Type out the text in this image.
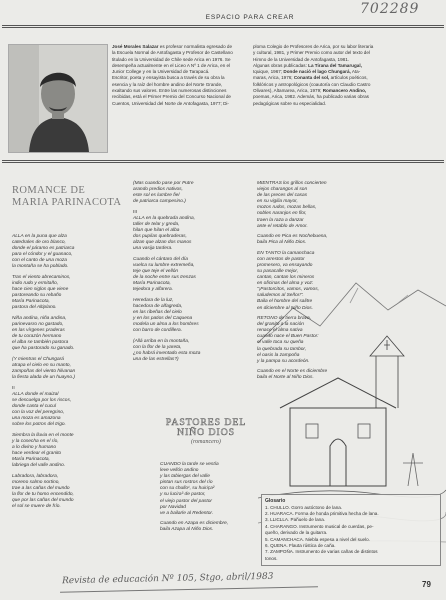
702289
ESPACIO PARA CREAR
José Morales Salazar es profesor normalista egresado de
la Escuela Normal de Antofagasta y Profesor de Castellano
titulado en la Universidad de Chile sede Arica en 1976. Se
desempeña actualmente en el Liceo A Nº 1 de Arica, en el
Junior College y en la Universidad de Tarapacá.
Escritor, poeta y ensayista busca a través de su obra la
esencia y la raíz del hombre andino del Norte Grande,
exaltando sus valores. Entre las numerosas distinciones
recibidas, está el Primer Premio del Concurso Nacional de
Cuentos, Universidad del Norte de Antofagasta, 1977; Di-
ploma Colegio de Profesores de Arica, por su labor literaria
y cultural, 1981, y Primer Premio como autor del texto del
Himno de la Universidad de Antofagasta, 1981.
Algunas obras publicadas: La Tirana del Tamarugal,
Iquique, 1967; Donde nació el lago Chungará, Ata-
maras, Arica, 1976; Conanta del sol, artículos poéticos,
folklóricos y antropológicos (coautoría con Claudio Castro
Olivares), Altamarea, Arica, 1979; Romancero Andino,
poemas, Arica, 1982. Además, ha publicado varias obras
pedagógicas sobre su especialidad.
ROMANCE DE
MARIA PARINACOTA
ALLA en la puna que alza
catedrales de oro blanco,
donde el páramo es patriarca
para el cóndor y el guanaco,
con el canto de una moza
la montaña se ha poblado.
Tras el viento abrecaminos,
indio rudo y ermitaño,
hace cien siglos que viene
pastoreando su rebaño
María Parinacota,
pastora del Altiplano.
Niña andina, niña andina,
parinevasro no gastado,
en las vírgenes praderas
de tu corazón hermano
el alba se también pastora
que ha pastorado su ganado.
(Y mientras el Chungará
atrapa el cielo en su manto,
zampoñas del viento hilvanan
la fiesta alada de un huayno.)
II
ALLA donde el maizal
se descuelga por los riscos,
donde canta el cucul
con la voz del peregrino,
una moza es amazona
sobre los potros del trigo.
Siembra la lluvia en el monte
y la cosecha en el río,
a lo divino y humano
hace verdear el granito
María Parinacota,
labriega del valle andino.
Labradora, labradora,
moreno salmo nortino,
trae a las cañas del mundo
la flor de tu homo encendido,
que por las cañas del mundo
el sol se muere de frío.
(Mas cuando pase por Putre
arando predios nativos,
este sol es lumbre fiel
de patriarca campesino.)
III
ALLA en la quebrada andina,
taller de telar y greda,
hilan que hilan el alba
dos pupilas quebraderas,
alzan que alzan dos manos
una vasija tardera.
Cuando el cántaro del día
vuelca su lumbre extremeña,
teje que teje el vellón
de la noche entre sus trenzas
María Parinacota,
tejedora y alfarera.
Heredara de la luz,
hacedora de alfagreda,
en las ribeñas del cielo
y en los patios del Caquena
modela un alma a los hombres
con barro de cordillera.
(Allá arriba en la montaña,
con la flor de la yareta,
¿no habrá inventado esta moza
una de las estrellas?)
MIENTRAS los grillos concierten
viejos charangos al son
de las preces del casas
en su vigilia mayor,
mozos rudos, mozas bellas,
nobles naranjos en flor,
traen la raza a danzar
ante el retablo de Amor.
Cuando en Pica es Nochebuena,
baila Pica al Niño Dios.
EN TANTO la camanchaca
con arrestos de pastor
promesero, va ensayando
su pasacalle mejor,
cantan, cantan los mineros
en oficinas del alma y voz:
"¡Pastorcitos, vamos, vamos,
saludemos al Señor!".
Baila el hombre del salitre
en diciembre al Niño Dios.
RETONO de tierra brava,
del granito a la nación
renace el alma nativa
cuando nace el Buen Pastor:
el valle toca su queña
la quebrada su tambor,
el oasis la zampoña
y la pampa su acordeón.
Cuando en el Norte es diciembre
baila el Norte al Niño Dios.
PASTORES DEL
NIÑO DIOS
(romancero)
CUANDO la tarde se vestía
leve vellón andino
y las tabiergas del valle
pintan sus rostros del río
con su chullo¹, su huiriça²
y su lucira³ de pastor,
el viejo pastor del pastor
por Navidad
ve a bailarle al Redentor.
Cuando en Azapa es diciembre,
baila Azapa al Niño Dios.
Glosario
1. CHULLO. Gorro autóctono de lana.
2. HUARACA. Forma de honda primitiva hecha de lana.
3. LLICLLA. Pañuelo de lana.
4. CHARANGO. Instrumento musical de cuerdas, pe-
queño, derivado de la guitarra.
5. CAMANCHACA. Niebla espesa a nivel del suelo.
6. QUENA. Flauta rústica de caña.
7. ZAMPOÑA. Instrumento de varias cañas de distintos
tonos.
Revista de educación Nº 105, Stgo, abril/1983	79
